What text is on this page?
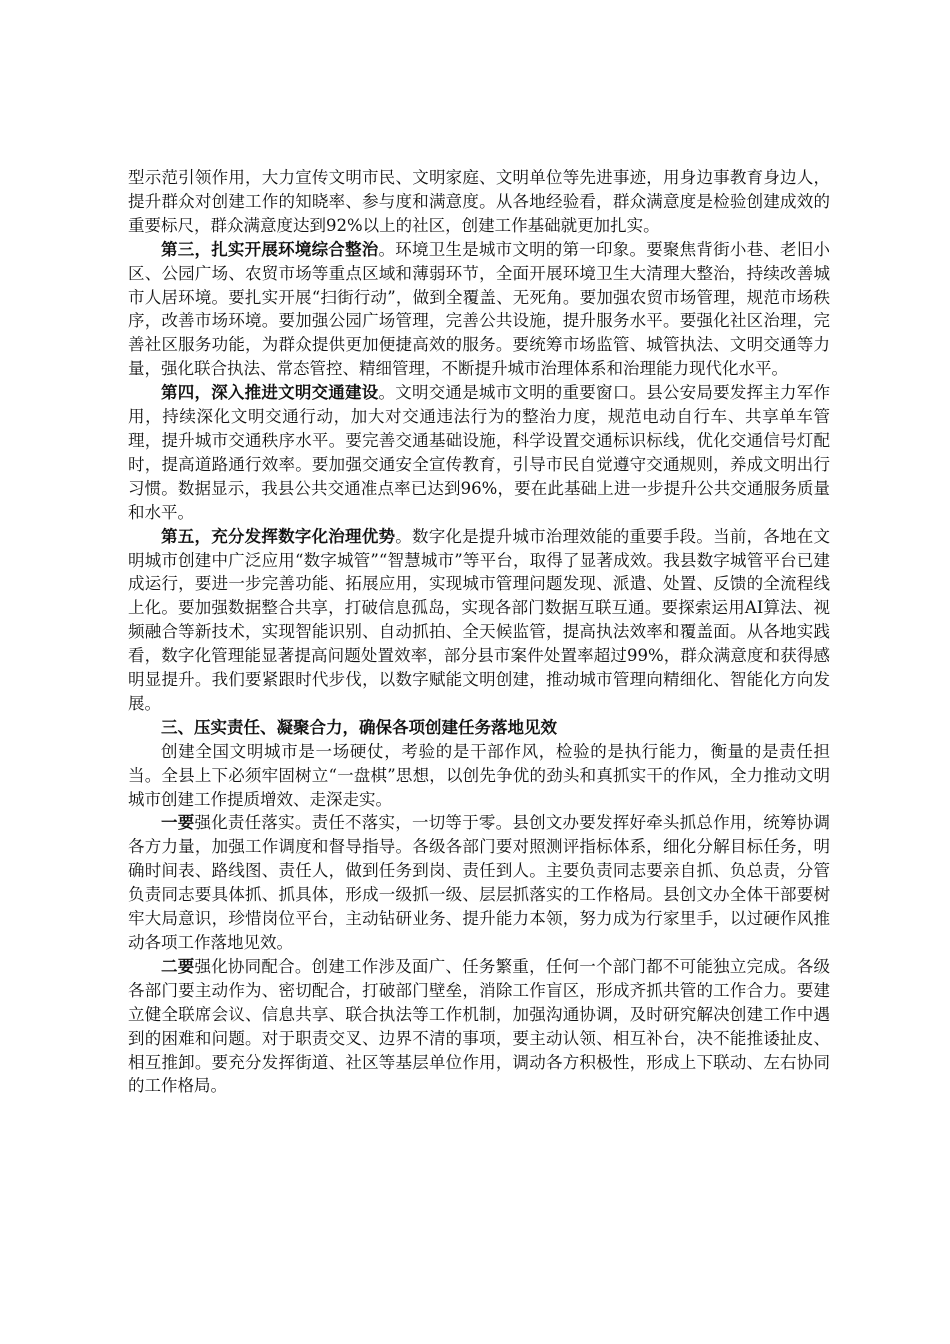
型示范引领作用，大力宣传文明市民、文明家庭、文明单位等先进事迹，用身边事教育身边人，提升群众对创建工作的知晓率、参与度和满意度。从各地经验看，群众满意度是检验创建成效的重要标尺，群众满意度达到92%以上的社区，创建工作基础就更加扎实。

第三，扎实开展环境综合整治。环境卫生是城市文明的第一印象。要聚焦背街小巷、老旧小区、公园广场、农贸市场等重点区域和薄弱环节，全面开展环境卫生大清理大整治，持续改善城市人居环境。要扎实开展“扫街行动”，做到全覆盖、无死角。要加强农贸市场管理，规范市场秩序，改善市场环境。要加强公园广场管理，完善公共设施，提升服务水平。要强化社区治理，完善社区服务功能，为群众提供更加便捷高效的服务。要统筹市场监管、城管执法、文明交通等力量，强化联合执法、常态管控、精细管理，不断提升城市治理体系和治理能力现代化水平。

第四，深入推进文明交通建设。文明交通是城市文明的重要窗口。县公安局要发挥主力军作用，持续深化文明交通行动，加大对交通违法行为的整治力度，规范电动自行车、共享单车管理，提升城市交通秩序水平。要完善交通基础设施，科学设置交通标识标线，优化交通信号灯配时，提高道路通行效率。要加强交通安全宣传教育，引导市民自觉遵守交通规则，养成文明出行习惯。数据显示，我县公共交通准点率已达到96%，要在此基础上进一步提升公共交通服务质量和水平。

第五，充分发挥数字化治理优势。数字化是提升城市治理效能的重要手段。当前，各地在文明城市创建中广泛应用“数字城管”“智慧城市”等平台，取得了显著成效。我县数字城管平台已建成运行，要进一步完善功能、拓展应用，实现城市管理问题发现、派遣、处置、反馈的全流程线上化。要加强数据整合共享，打破信息孤岛，实现各部门数据互联互通。要探索运用AI算法、视频融合等新技术，实现智能识别、自动抓拍、全天候监管，提高执法效率和覆盖面。从各地实践看，数字化管理能显著提高问题处置效率，部分县市案件处置率超过99%，群众满意度和获得感明显提升。我们要紧跟时代步伐，以数字赋能文明创建，推动城市管理向精细化、智能化方向发展。

三、压实责任、凝聚合力，确保各项创建任务落地见效

创建全国文明城市是一场硬仗，考验的是干部作风，检验的是执行能力，衡量的是责任担当。全县上下必须牢固树立“一盘棋”思想，以创先争优的劲头和真抓实干的作风，全力推动文明城市创建工作提质增效、走深走实。

一要强化责任落实。责任不落实，一切等于零。县创文办要发挥好牵头抓总作用，统筹协调各方力量，加强工作调度和督导指导。各级各部门要对照测评指标体系，细化分解目标任务，明确时间表、路线图、责任人，做到任务到岗、责任到人。主要负责同志要亲自抓、负总责，分管负责同志要具体抓、抓具体，形成一级抓一级、层层抓落实的工作格局。县创文办全体干部要树牢大局意识，珍惜岗位平台，主动钻研业务、提升能力本领，努力成为行家里手，以过硬作风推动各项工作落地见效。

二要强化协同配合。创建工作涉及面广、任务繁重，任何一个部门都不可能独立完成。各级各部门要主动作为、密切配合，打破部门壁垒，消除工作盲区，形成齐抓共管的工作合力。要建立健全联席会议、信息共享、联合执法等工作机制，加强沟通协调，及时研究解决创建工作中遇到的困难和问题。对于职责交叉、边界不清的事项，要主动认领、相互补台，决不能推诿扯皮、相互推卸。要充分发挥街道、社区等基层单位作用，调动各方积极性，形成上下联动、左右协同的工作格局。
